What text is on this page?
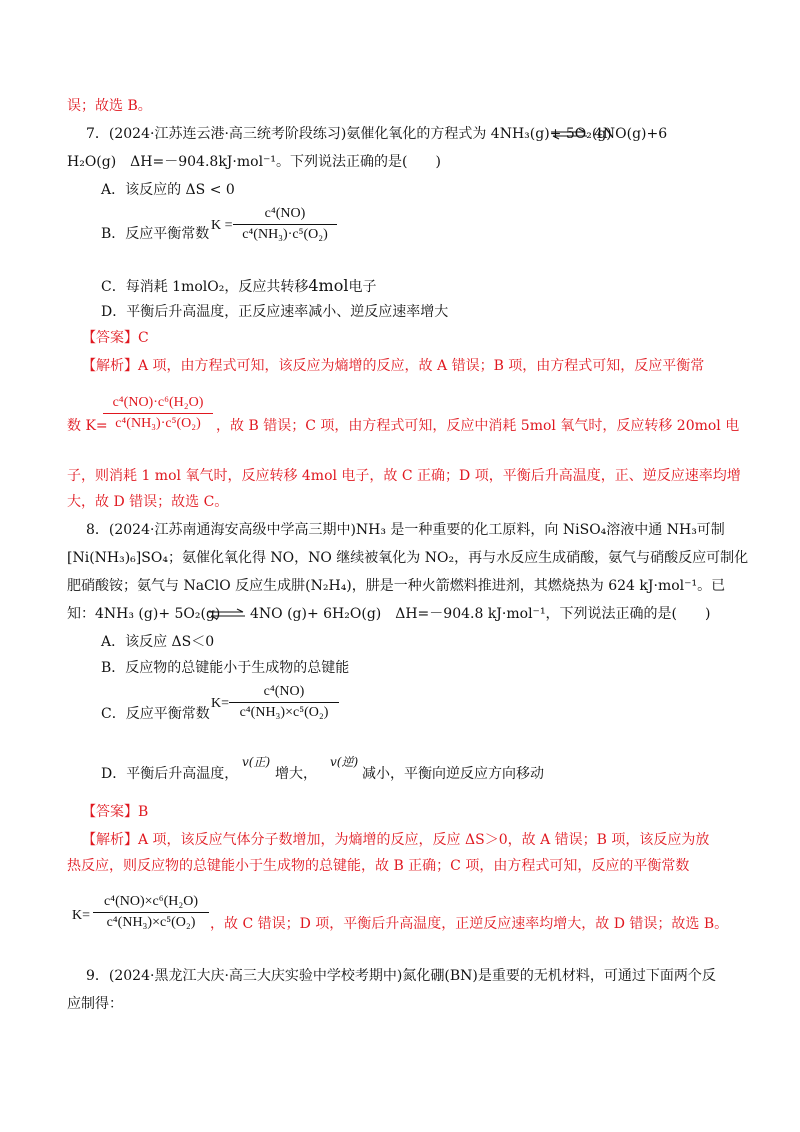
误；故选 B。
7．(2024·江苏连云港·高三统考阶段练习)氨催化氧化的方程式为 4NH₃(g)+ 5O₂(g) ⇌ 4NO(g)+6
H₂O(g)　ΔH=－904.8kJ·mol⁻¹。下列说法正确的是(　　)
A．该反应的 ΔS < 0
B．反应平衡常数
K =
c⁴(NO)
c⁴(NH₃)·c⁵(O₂)
C．每消耗 1molO₂，反应共转移4mol电子
D．平衡后升高温度，正反应速率减小、逆反应速率增大
【答案】C
【解析】A 项，由方程式可知，该反应为熵增的反应，故 A 错误；B 项，由方程式可知，反应平衡常
数 K=
c⁴(NO)·c⁶(H₂O)
c⁴(NH₃)·c⁵(O₂)	，故 B 错误；C 项，由方程式可知，反应中消耗 5mol 氧气时，反应转移 20mol 电
子，则消耗 1 mol 氧气时，反应转移 4mol 电子，故 C 正确；D 项，平衡后升高温度，正、逆反应速率均增
大，故 D 错误；故选 C。
8．(2024·江苏南通海安高级中学高三期中)NH₃ 是一种重要的化工原料，向 NiSO₄溶液中通 NH₃可制
[Ni(NH₃)₆]SO₄；氨催化氧化得 NO，NO 继续被氧化为 NO₂，再与水反应生成硝酸，氨气与硝酸反应可制化
肥硝酸铵；氨气与 NaClO 反应生成肼(N₂H₄)，肼是一种火箭燃料推进剂，其燃烧热为 624 kJ·mol⁻¹。已
知：4NH₃ (g)+ 5O₂(g) ⇌ 4NO (g)+ 6H₂O(g)　ΔH=－904.8 kJ·mol⁻¹，下列说法正确的是(　　)
A．该反应 ΔS＜0
B．反应物的总键能小于生成物的总键能
C．反应平衡常数
K=
c⁴(NO)
c⁴(NH₃)×c⁵(O₂)
D．平衡后升高温度，
v(正)
增大，
v(逆)
减小，平衡向逆反应方向移动
【答案】B
【解析】A 项，该反应气体分子数增加，为熵增的反应，反应 ΔS＞0，故 A 错误；B 项，该反应为放
热反应，则反应物的总键能小于生成物的总键能，故 B 正确；C 项，由方程式可知，反应的平衡常数
K=
c⁴(NO)×c⁶(H₂O)
c⁴(NH₃)×c⁵(O₂)	，故 C 错误；D 项，平衡后升高温度，正逆反应速率均增大，故 D 错误；故选 B。
9．(2024·黑龙江大庆·高三大庆实验中学校考期中)氮化硼(BN)是重要的无机材料，可通过下面两个反
应制得：
